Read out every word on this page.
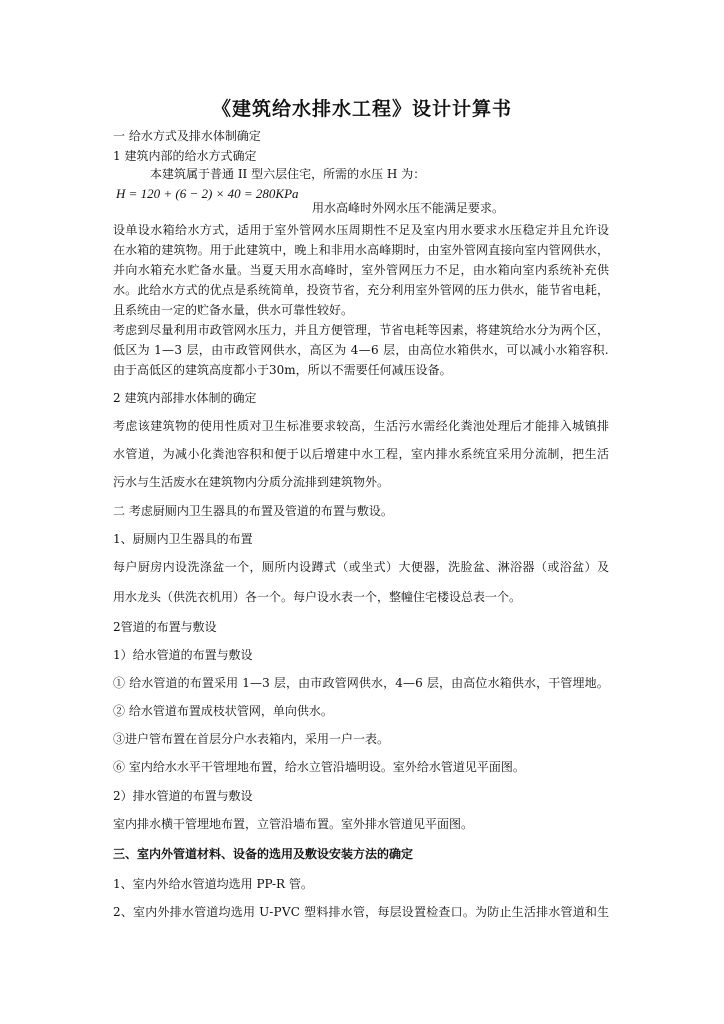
《建筑给水排水工程》设计计算书
一 给水方式及排水体制确定
1 建筑内部的给水方式确定
本建筑属于普通 II 型六层住宅，所需的水压 H 为：
设单设水箱给水方式，适用于室外管网水压周期性不足及室内用水要求水压稳定并且允许设
在水箱的建筑物。用于此建筑中，晚上和非用水高峰期时，由室外管网直接向室内管网供水，
并向水箱充水贮备水量。当夏天用水高峰时，室外管网压力不足，由水箱向室内系统补充供
水。此给水方式的优点是系统简单，投资节省，充分利用室外管网的压力供水，能节省电耗，
且系统由一定的贮备水量，供水可靠性较好。
考虑到尽量利用市政管网水压力，并且方便管理，节省电耗等因素，将建筑给水分为两个区，
低区为 1—3 层，由市政管网供水，高区为 4—6 层，由高位水箱供水，可以减小水箱容积.
由于高低区的建筑高度都小于30m，所以不需要任何减压设备。
2 建筑内部排水体制的确定
考虑该建筑物的使用性质对卫生标准要求较高，生活污水需经化粪池处理后才能排入城镇排
水管道，为减小化粪池容积和便于以后增建中水工程，室内排水系统宜采用分流制，把生活
污水与生活废水在建筑物内分质分流排到建筑物外。
二 考虑厨厕内卫生器具的布置及管道的布置与敷设。
1、厨厕内卫生器具的布置
每户厨房内设洗涤盆一个，厕所内设蹲式（或坐式）大便器，洗脸盆、淋浴器（或浴盆）及
用水龙头（供洗衣机用）各一个。每户设水表一个，整幢住宅楼设总表一个。
2管道的布置与敷设
1）给水管道的布置与敷设
① 给水管道的布置采用 1—3 层，由市政管网供水，4—6 层，由高位水箱供水，干管埋地。
② 给水管道布置成枝状管网，单向供水。
③进户管布置在首层分户水表箱内，采用一户一表。
⑥ 室内给水水平干管埋地布置，给水立管沿墙明设。室外给水管道见平面图。
2）排水管道的布置与敷设
室内排水横干管埋地布置，立管沿墙布置。室外排水管道见平面图。
三、室内外管道材料、设备的选用及敷设安装方法的确定
1、室内外给水管道均选用 PP-R 管。
2、室内外排水管道均选用 U-PVC 塑料排水管，每层设置检查口。为防止生活排水管道和生
H = 120 + (6 − 2) × 40 = 280KPa
用水高峰时外网水压不能满足要求。
